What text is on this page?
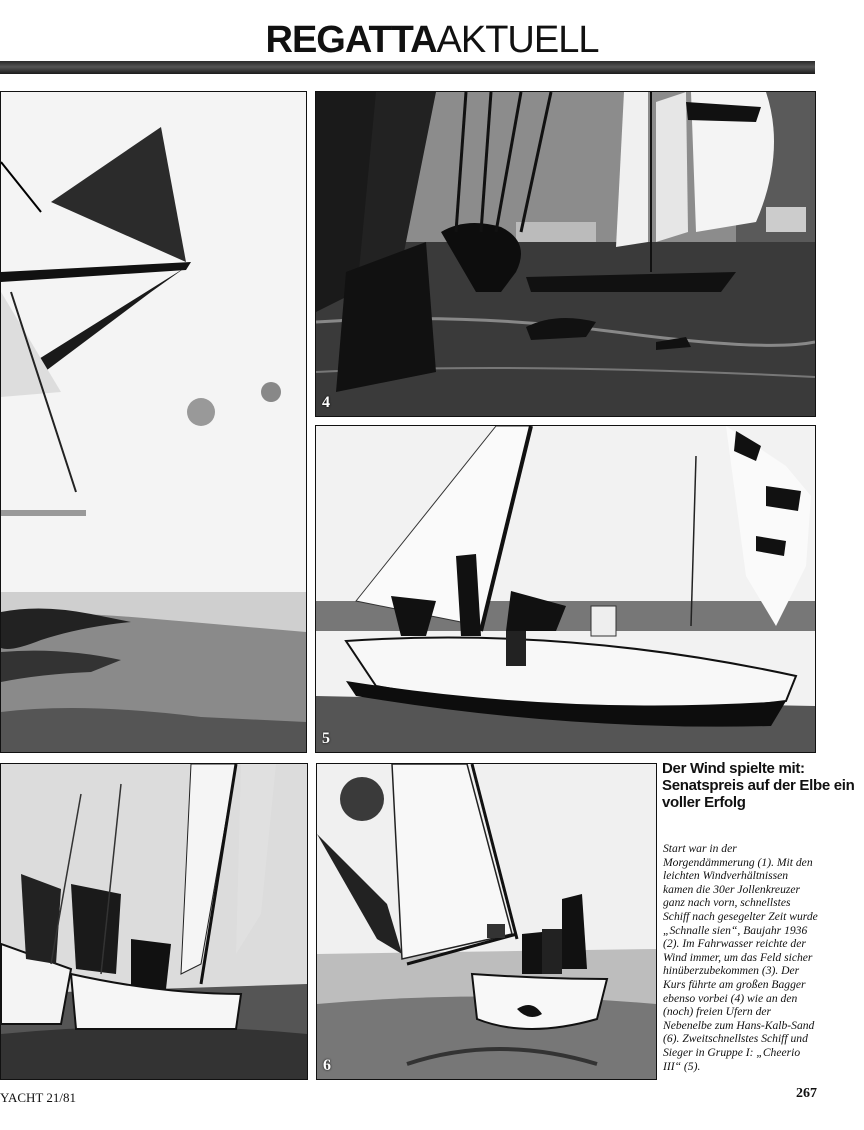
REGATTAAKTUELL
4
5
6
Der Wind spielte mit: Senatspreis auf der Elbe ein voller Erfolg
Start war in der Morgendämmerung (1). Mit den leichten Windverhältnissen kamen die 30er Jollenkreuzer ganz nach vorn, schnellstes Schiff nach gesegelter Zeit wurde „Schnalle sien“, Baujahr 1936 (2). Im Fahrwasser reichte der Wind immer, um das Feld sicher hinüberzubekommen (3). Der Kurs führte am großen Bagger ebenso vorbei (4) wie an den (noch) freien Ufern der Nebenelbe zum Hans-Kalb-Sand (6). Zweitschnellstes Schiff und Sieger in Gruppe I: „Cheerio III“ (5).
YACHT 21/81	267
